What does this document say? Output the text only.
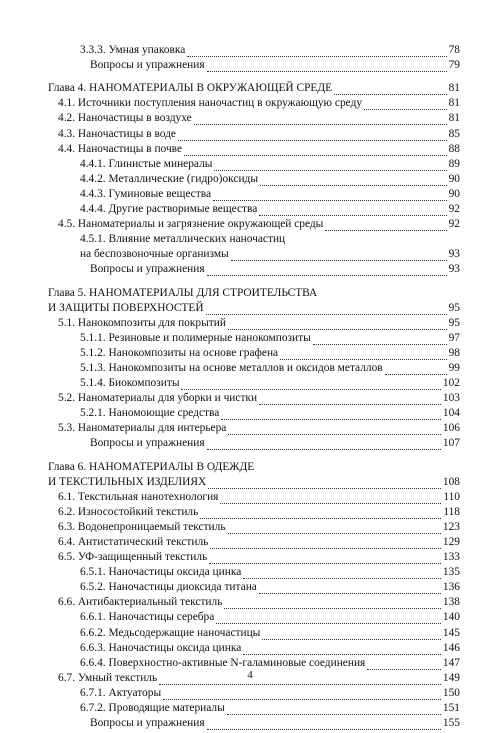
3.3.3. Умная упаковка	78
Вопросы и упражнения	79
Глава 4. НАНОМАТЕРИАЛЫ В ОКРУЖАЮЩЕЙ СРЕДЕ	81
4.1. Источники поступления наночастиц в окружающую среду	81
4.2. Наночастицы в воздухе	81
4.3. Наночастицы в воде	85
4.4. Наночастицы в почве	88
4.4.1. Глинистые минералы	89
4.4.2. Металлические (гидро)оксиды	90
4.4.3. Гуминовые вещества	90
4.4.4. Другие растворимые вещества	92
4.5. Наноматериалы и загрязнение окружающей среды	92
4.5.1. Влияние металлических наночастиц
на беспозвоночные организмы	93
Вопросы и упражнения	93
Глава 5. НАНОМАТЕРИАЛЫ ДЛЯ СТРОИТЕЛЬСТВА
И ЗАЩИТЫ ПОВЕРХНОСТЕЙ	95
5.1. Нанокомпозиты для покрытий	95
5.1.1. Резиновые и полимерные нанокомпозиты	97
5.1.2. Нанокомпозиты на основе графена	98
5.1.3. Нанокомпозиты на основе металлов и оксидов металлов	99
5.1.4. Биокомпозиты	102
5.2. Наноматериалы для уборки и чистки	103
5.2.1. Наномоющие средства	104
5.3. Наноматериалы для интерьера	106
Вопросы и упражнения	107
Глава 6. НАНОМАТЕРИАЛЫ В ОДЕЖДЕ
И ТЕКСТИЛЬНЫХ ИЗДЕЛИЯХ	108
6.1. Текстильная нанотехнология	110
6.2. Износостойкий текстиль	118
6.3. Водонепроницаемый текстиль	123
6.4. Антистатический текстиль	129
6.5. УФ-защищенный текстиль	133
6.5.1. Наночастицы оксида цинка	135
6.5.2. Наночастицы диоксида титана	136
6.6. Антибактериальный текстиль	138
6.6.1. Наночастицы серебра	140
6.6.2. Медьсодержащие наночастицы	145
6.6.3. Наночастицы оксида цинка	146
6.6.4. Поверхностно-активные N-галаминовые соединения	147
6.7. Умный текстиль	149
6.7.1. Актуаторы	150
6.7.2. Проводящие материалы	151
Вопросы и упражнения	155
4
